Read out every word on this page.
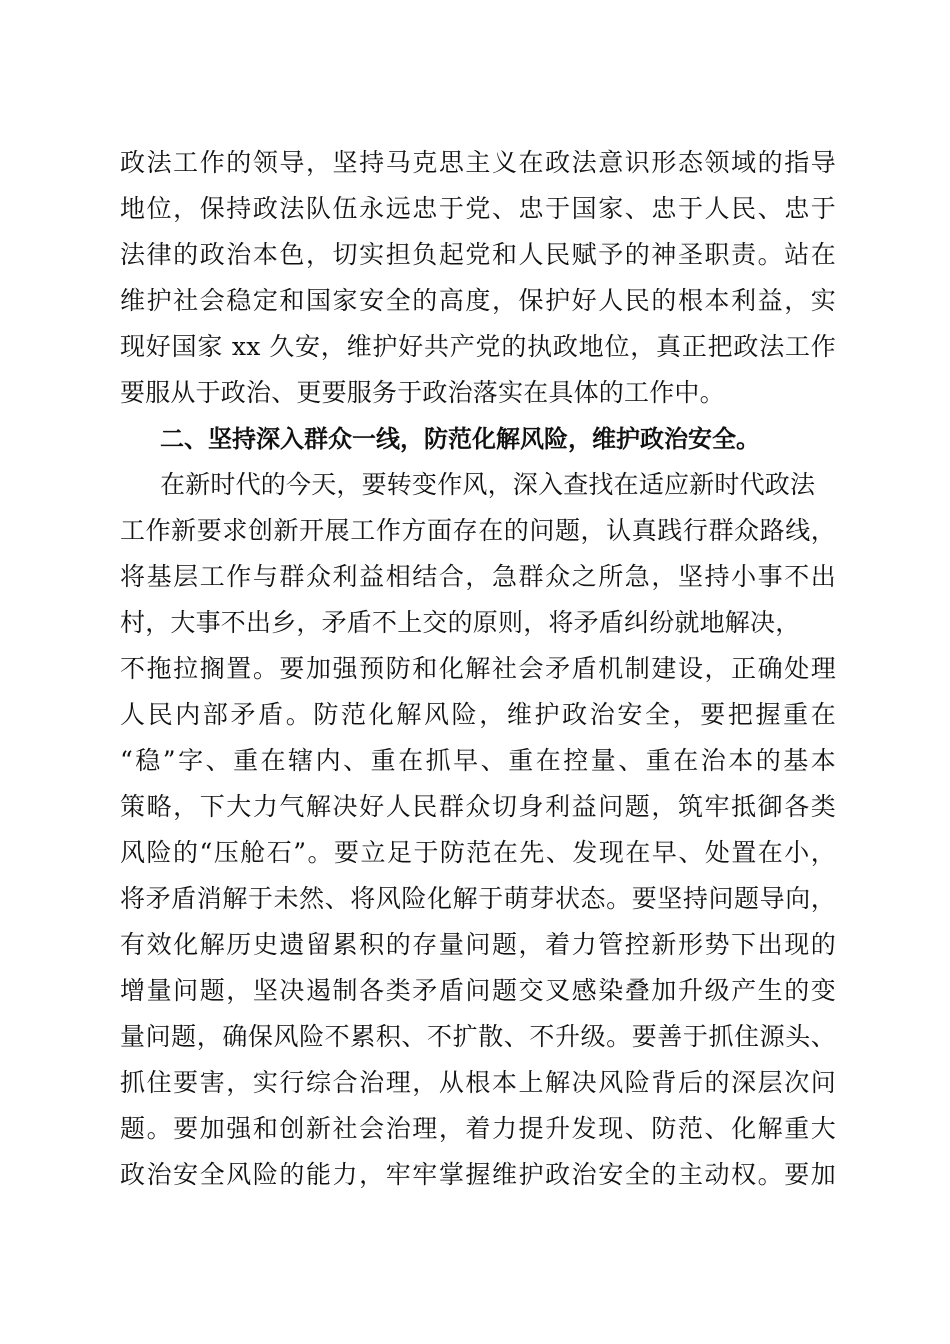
政法工作的领导，坚持马克思主义在政法意识形态领域的指导
地位，保持政法队伍永远忠于党、忠于国家、忠于人民、忠于
法律的政治本色，切实担负起党和人民赋予的神圣职责。站在
维护社会稳定和国家安全的高度，保护好人民的根本利益，实
现好国家 xx 久安，维护好共产党的执政地位，真正把政法工作
要服从于政治、更要服务于政治落实在具体的工作中。
二、坚持深入群众一线，防范化解风险，维护政治安全。
在新时代的今天，要转变作风，深入查找在适应新时代政法
工作新要求创新开展工作方面存在的问题，认真践行群众路线，
将基层工作与群众利益相结合，急群众之所急，坚持小事不出
村，大事不出乡，矛盾不上交的原则，将矛盾纠纷就地解决，
不拖拉搁置。要加强预防和化解社会矛盾机制建设，正确处理
人民内部矛盾。防范化解风险，维护政治安全，要把握重在
“稳”字、重在辖内、重在抓早、重在控量、重在治本的基本
策略，下大力气解决好人民群众切身利益问题，筑牢抵御各类
风险的“压舱石”。要立足于防范在先、发现在早、处置在小，
将矛盾消解于未然、将风险化解于萌芽状态。要坚持问题导向，
有效化解历史遗留累积的存量问题，着力管控新形势下出现的
增量问题，坚决遏制各类矛盾问题交叉感染叠加升级产生的变
量问题，确保风险不累积、不扩散、不升级。要善于抓住源头、
抓住要害，实行综合治理，从根本上解决风险背后的深层次问
题。要加强和创新社会治理，着力提升发现、防范、化解重大
政治安全风险的能力，牢牢掌握维护政治安全的主动权。要加
